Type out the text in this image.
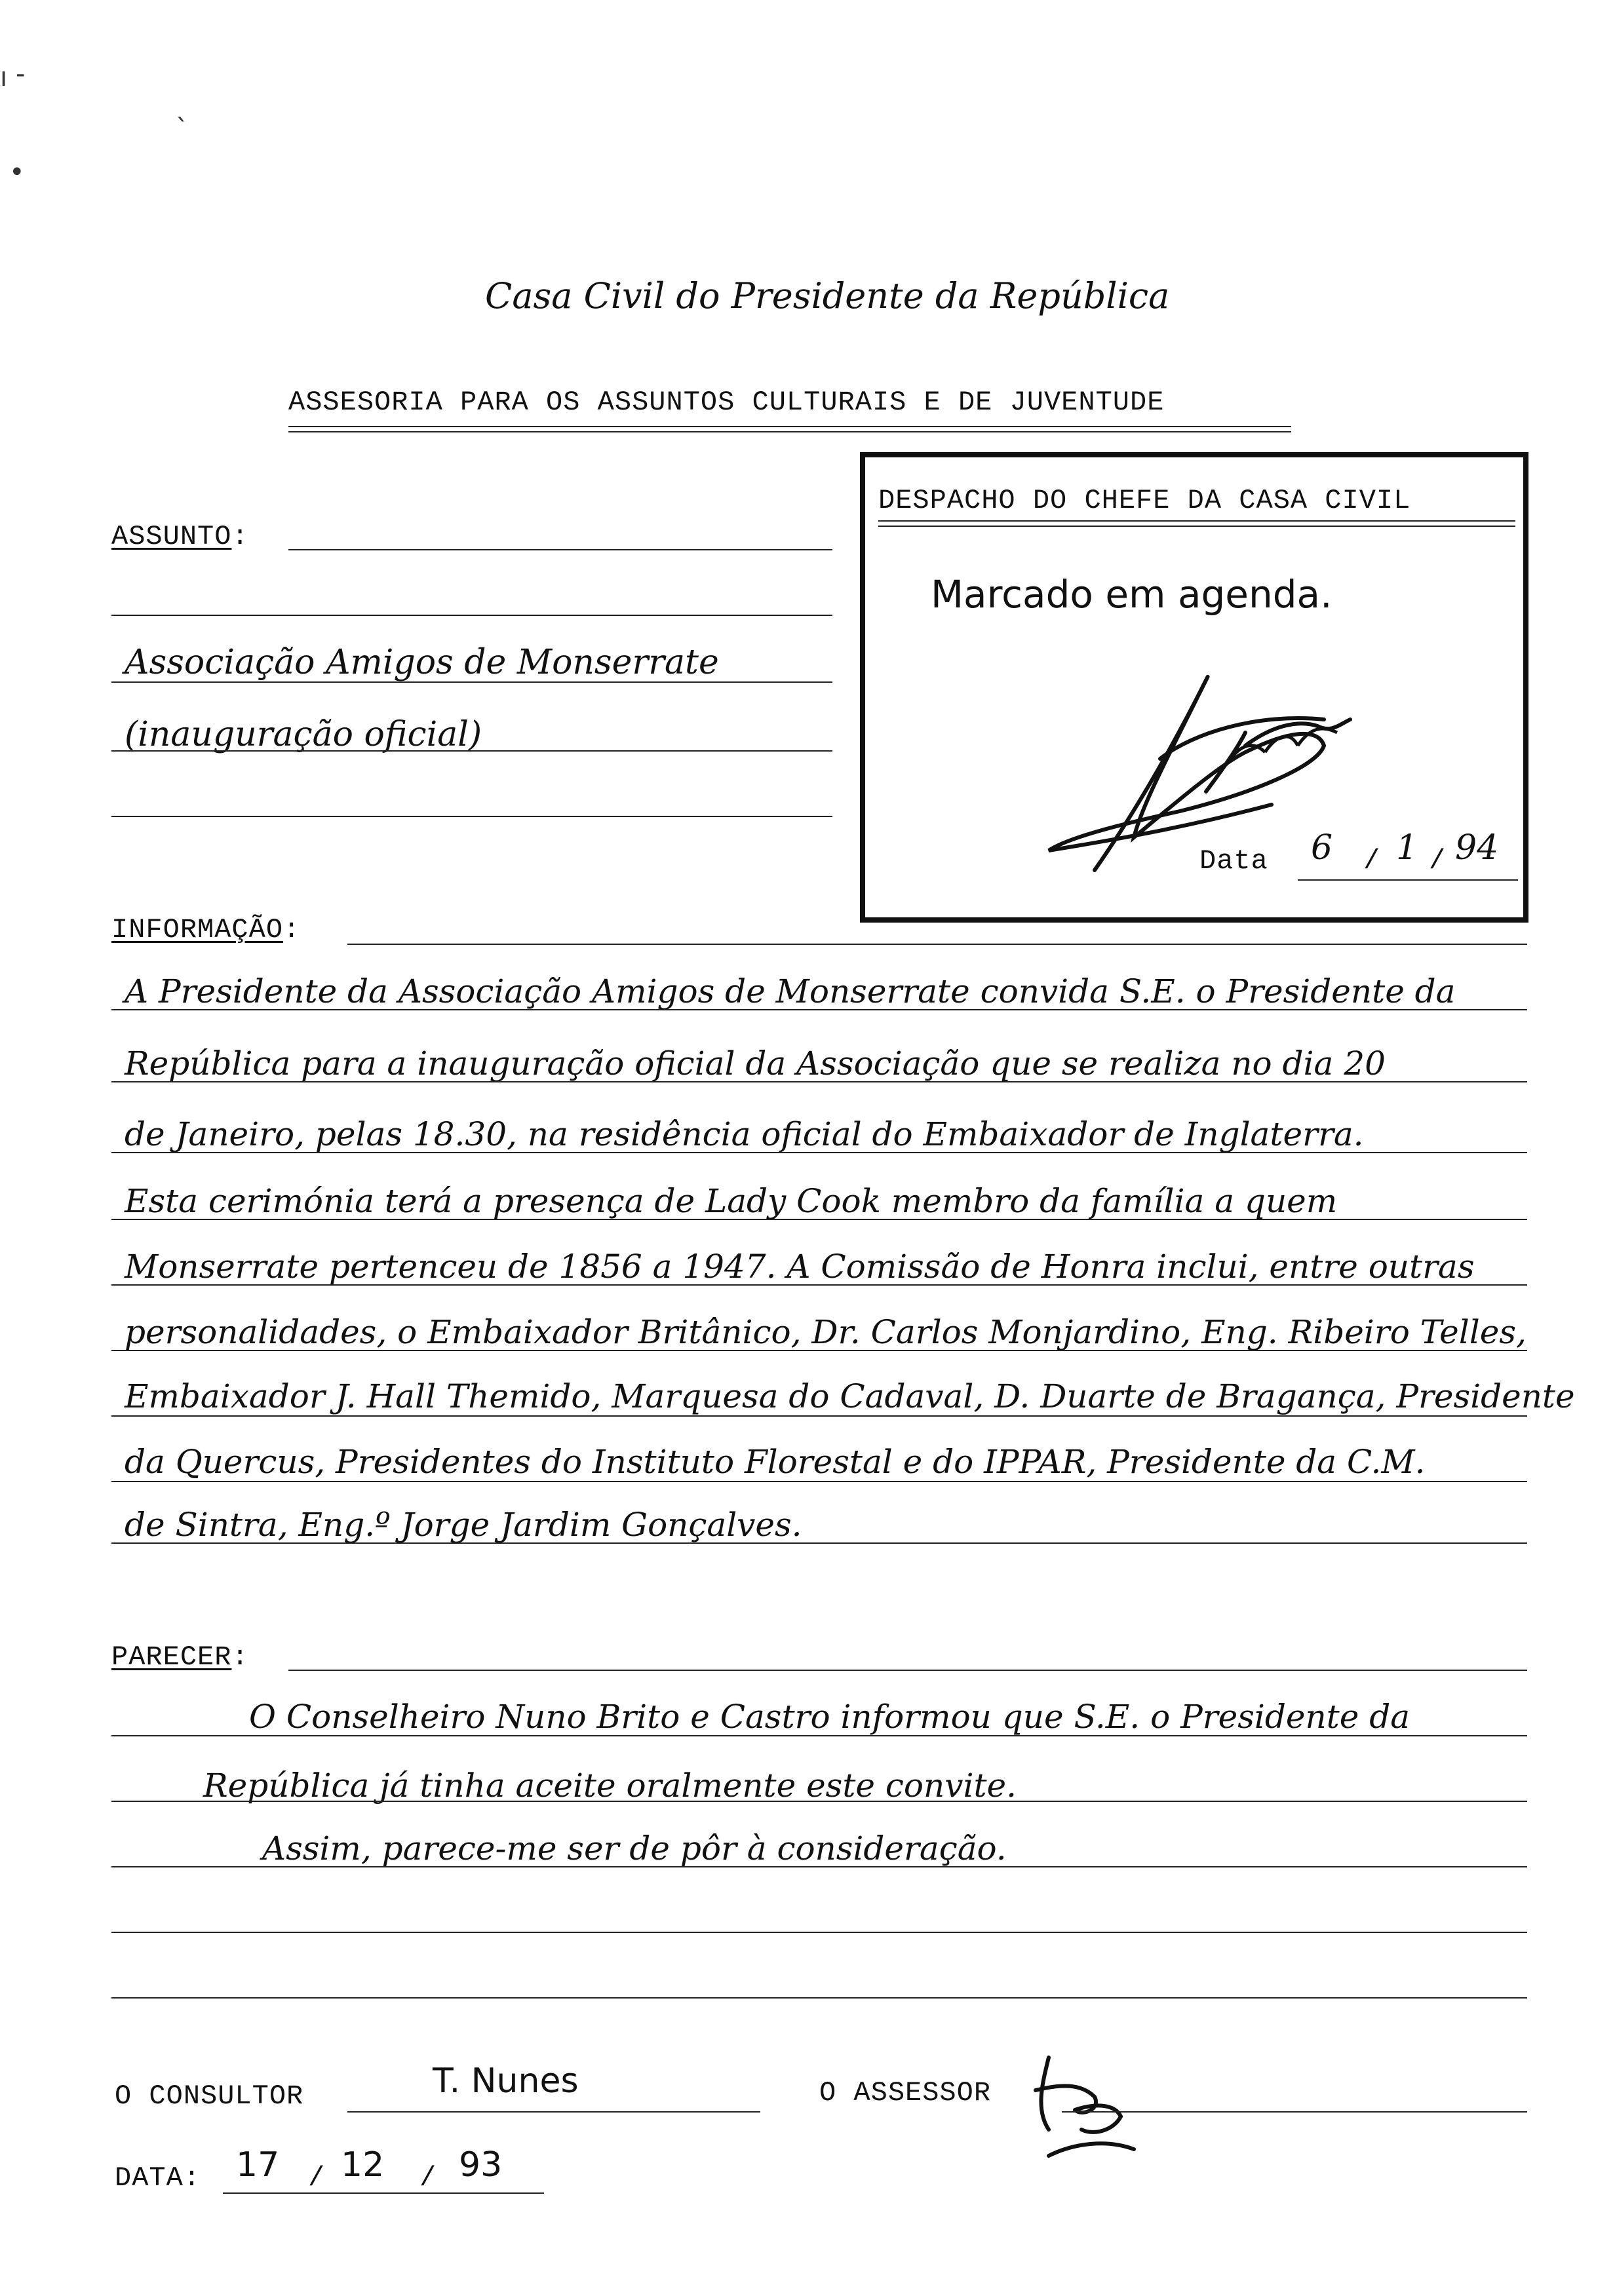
ı -
ˎ
•
Casa Civil do Presidente da República
ASSESORIA PARA OS ASSUNTOS CULTURAIS E DE JUVENTUDE
DESPACHO DO CHEFE DA CASA CIVIL
Marcado em agenda.
Data 6 / 1 / 94
ASSUNTO:
Associação Amigos de Monserrate
(inauguração oficial)
INFORMAÇÃO:
A Presidente da Associação Amigos de Monserrate convida S.E. o Presidente da
República para a inauguração oficial da Associação que se realiza no dia 20
de Janeiro, pelas 18.30, na residência oficial do Embaixador de Inglaterra.
Esta cerimónia terá a presença de Lady Cook membro da família a quem
Monserrate pertenceu de 1856 a 1947. A Comissão de Honra inclui, entre outras
personalidades, o Embaixador Britânico, Dr. Carlos Monjardino, Eng. Ribeiro Telles,
Embaixador J. Hall Themido, Marquesa do Cadaval, D. Duarte de Bragança, Presidente
da Quercus, Presidentes do Instituto Florestal e do IPPAR, Presidente da C.M.
de Sintra, Eng.º Jorge Jardim Gonçalves.
PARECER:
O Conselheiro Nuno Brito e Castro informou que S.E. o Presidente da
República já tinha aceite oralmente este convite.
Assim, parece-me ser de pôr à consideração.
O CONSULTOR	T. Nunes	O ASSESSOR
JB
DATA: 17 / 12 / 93
